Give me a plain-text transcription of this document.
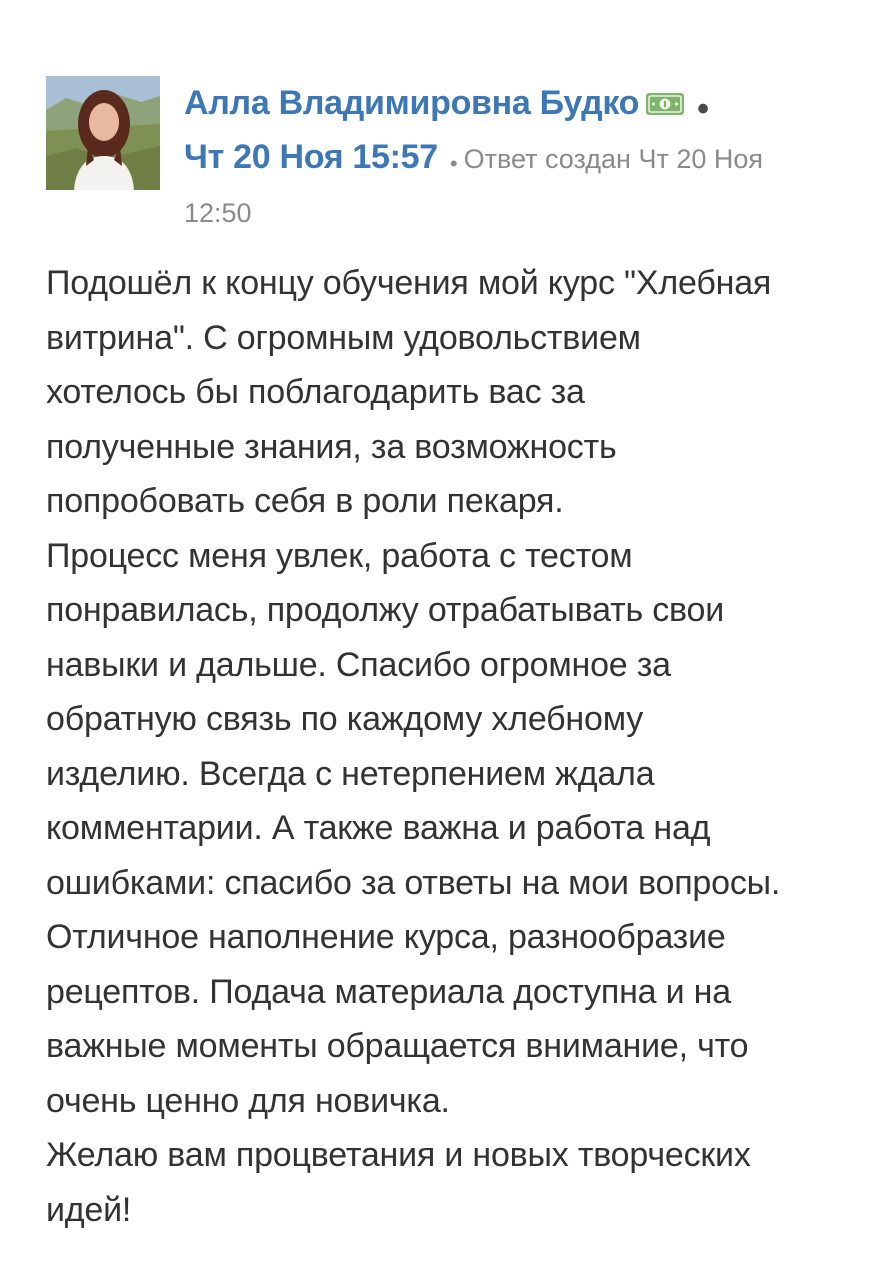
Алла Владимировна Будко •
Чт 20 Ноя 15:57 • Ответ создан Чт 20 Ноя
12:50
Подошёл к концу обучения мой курс "Хлебная
витрина". С огромным удовольствием
хотелось бы поблагодарить вас за
полученные знания, за возможность
попробовать себя в роли пекаря.
Процесс меня увлек, работа с тестом
понравилась, продолжу отрабатывать свои
навыки и дальше. Спасибо огромное за
обратную связь по каждому хлебному
изделию. Всегда с нетерпением ждала
комментарии. А также важна и работа над
ошибками: спасибо за ответы на мои вопросы.
Отличное наполнение курса, разнообразие
рецептов. Подача материала доступна и на
важные моменты обращается внимание, что
очень ценно для новичка.
Желаю вам процветания и новых творческих
идей!
